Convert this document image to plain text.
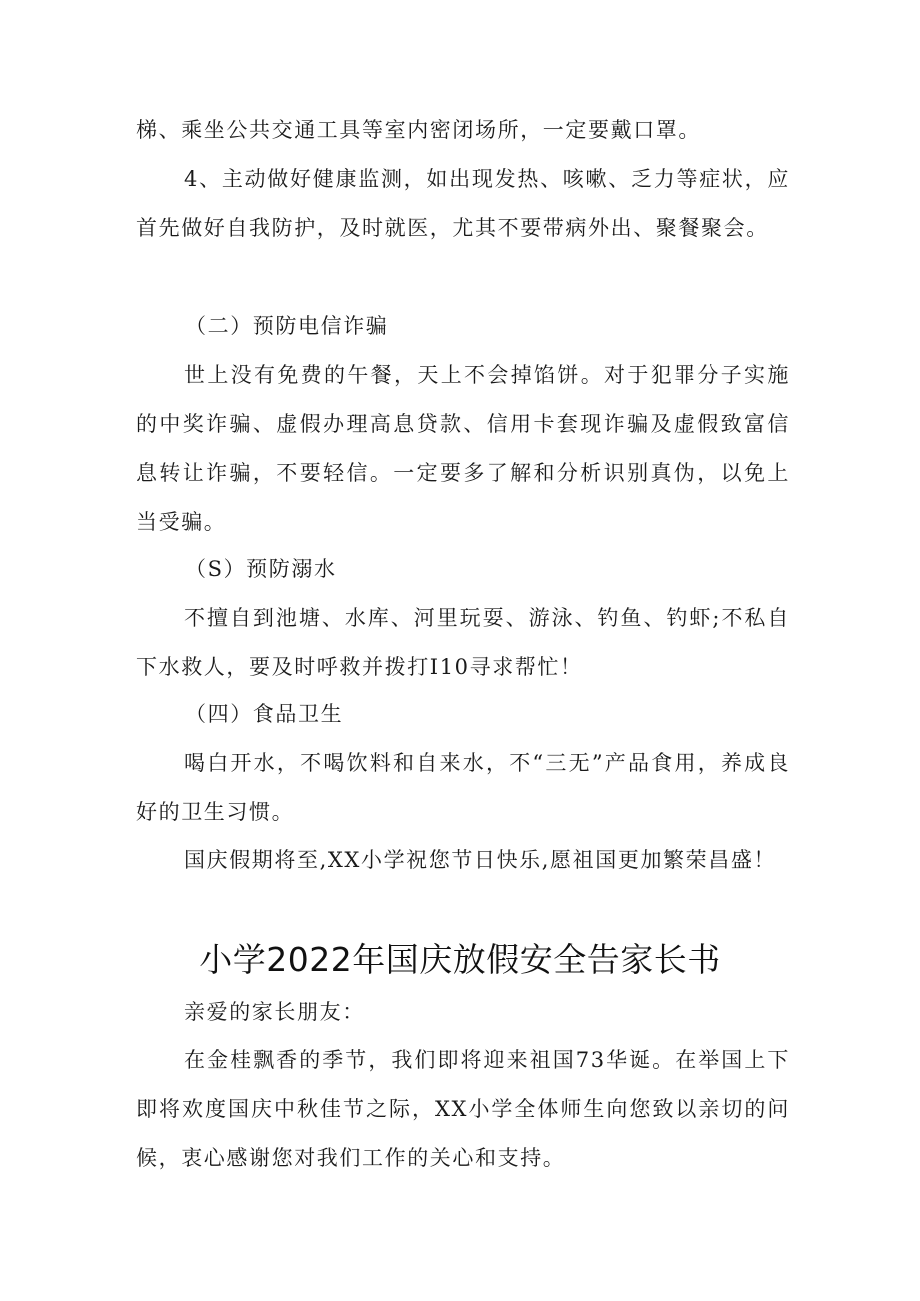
梯、乘坐公共交通工具等室内密闭场所，一定要戴口罩。

4、主动做好健康监测，如出现发热、咳嗽、乏力等症状，应首先做好自我防护，及时就医，尤其不要带病外出、聚餐聚会。

（二）预防电信诈骗

世上没有免费的午餐，天上不会掉馅饼。对于犯罪分子实施的中奖诈骗、虚假办理高息贷款、信用卡套现诈骗及虚假致富信息转让诈骗，不要轻信。一定要多了解和分析识别真伪，以免上当受骗。

（S）预防溺水

不擅自到池塘、水库、河里玩耍、游泳、钓鱼、钓虾;不私自下水救人，要及时呼救并拨打I10寻求帮忙！

（四）食品卫生

喝白开水，不喝饮料和自来水，不“三无”产品食用，养成良好的卫生习惯。

国庆假期将至,XX小学祝您节日快乐,愿祖国更加繁荣昌盛！

小学2022年国庆放假安全告家长书

亲爱的家长朋友：

在金桂飘香的季节，我们即将迎来祖国73华诞。在举国上下即将欢度国庆中秋佳节之际，XX小学全体师生向您致以亲切的问候，衷心感谢您对我们工作的关心和支持。
